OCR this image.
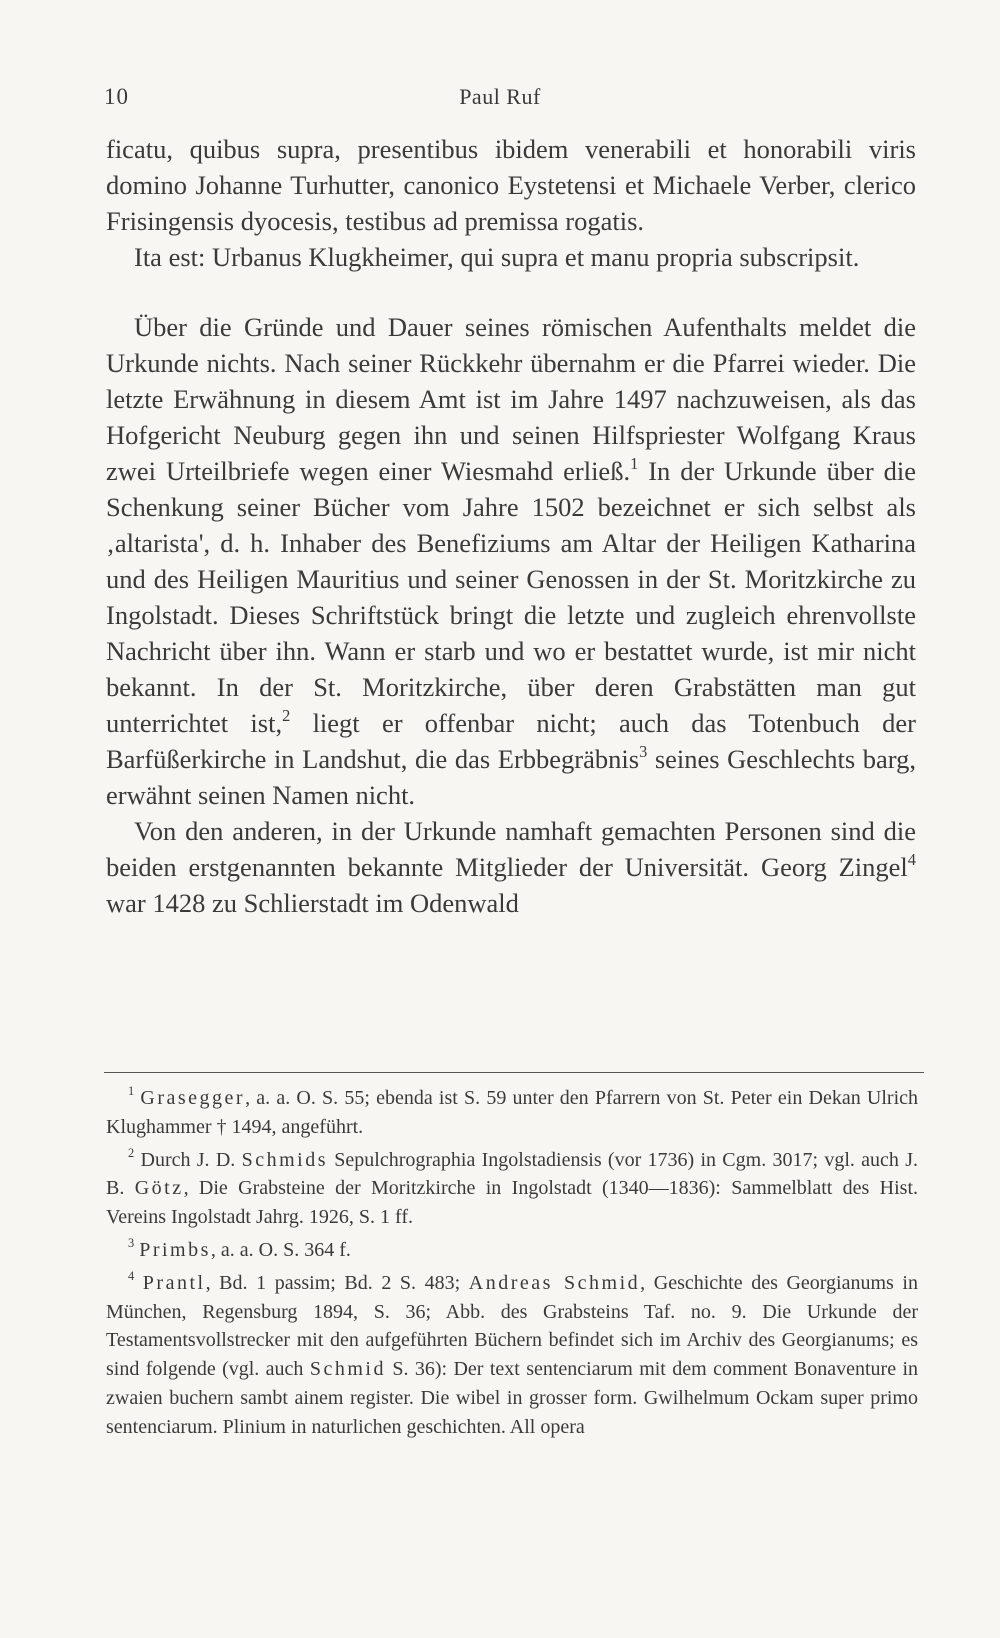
10	Paul Ruf

ficatu, quibus supra, presentibus ibidem venerabili et honorabili viris domino Johanne Turhutter, canonico Eystetensi et Michaele Verber, clerico Frisingensis dyocesis, testibus ad premissa rogatis.

Ita est: Urbanus Klugkheimer, qui supra et manu propria subscripsit.

Über die Gründe und Dauer seines römischen Aufenthalts meldet die Urkunde nichts. Nach seiner Rückkehr übernahm er die Pfarrei wieder. Die letzte Erwähnung in diesem Amt ist im Jahre 1497 nachzuweisen, als das Hofgericht Neuburg gegen ihn und seinen Hilfspriester Wolfgang Kraus zwei Urteilbriefe wegen einer Wiesmahd erließ.$^1$ In der Urkunde über die Schenkung seiner Bücher vom Jahre 1502 bezeichnet er sich selbst als ‚altarista', d. h. Inhaber des Benefiziums am Altar der Heiligen Katharina und des Heiligen Mauritius und seiner Genossen in der St. Moritzkirche zu Ingolstadt. Dieses Schriftstück bringt die letzte und zugleich ehrenvollste Nachricht über ihn. Wann er starb und wo er bestattet wurde, ist mir nicht bekannt. In der St. Moritzkirche, über deren Grabstätten man gut unterrichtet ist,$^2$ liegt er offenbar nicht; auch das Totenbuch der Barfüßerkirche in Landshut, die das Erbbegräbnis$^3$ seines Geschlechts barg, erwähnt seinen Namen nicht.

Von den anderen, in der Urkunde namhaft gemachten Personen sind die beiden erstgenannten bekannte Mitglieder der Universität. Georg Zingel$^4$ war 1428 zu Schlierstadt im Odenwald

$^1$ Grasegger, a. a. O. S. 55; ebenda ist S. 59 unter den Pfarrern von St. Peter ein Dekan Ulrich Klughammer † 1494, angeführt.

$^2$ Durch J. D. Schmids Sepulchrographia Ingolstadiensis (vor 1736) in Cgm. 3017; vgl. auch J. B. Götz, Die Grabsteine der Moritzkirche in Ingolstadt (1340—1836): Sammelblatt des Hist. Vereins Ingolstadt Jahrg. 1926, S. 1 ff.

$^3$ Primbs, a. a. O. S. 364 f.

$^4$ Prantl, Bd. 1 passim; Bd. 2 S. 483; Andreas Schmid, Geschichte des Georgianums in München, Regensburg 1894, S. 36; Abb. des Grabsteins Taf. no. 9. Die Urkunde der Testamentsvollstrecker mit den aufgeführten Büchern befindet sich im Archiv des Georgianums; es sind folgende (vgl. auch Schmid S. 36): Der text sentenciarum mit dem comment Bonaventure in zwaien buchern sambt ainem register. Die wibel in grosser form. Gwilhelmum Ockam super primo sentenciarum. Plinium in naturlichen geschichten. All opera
